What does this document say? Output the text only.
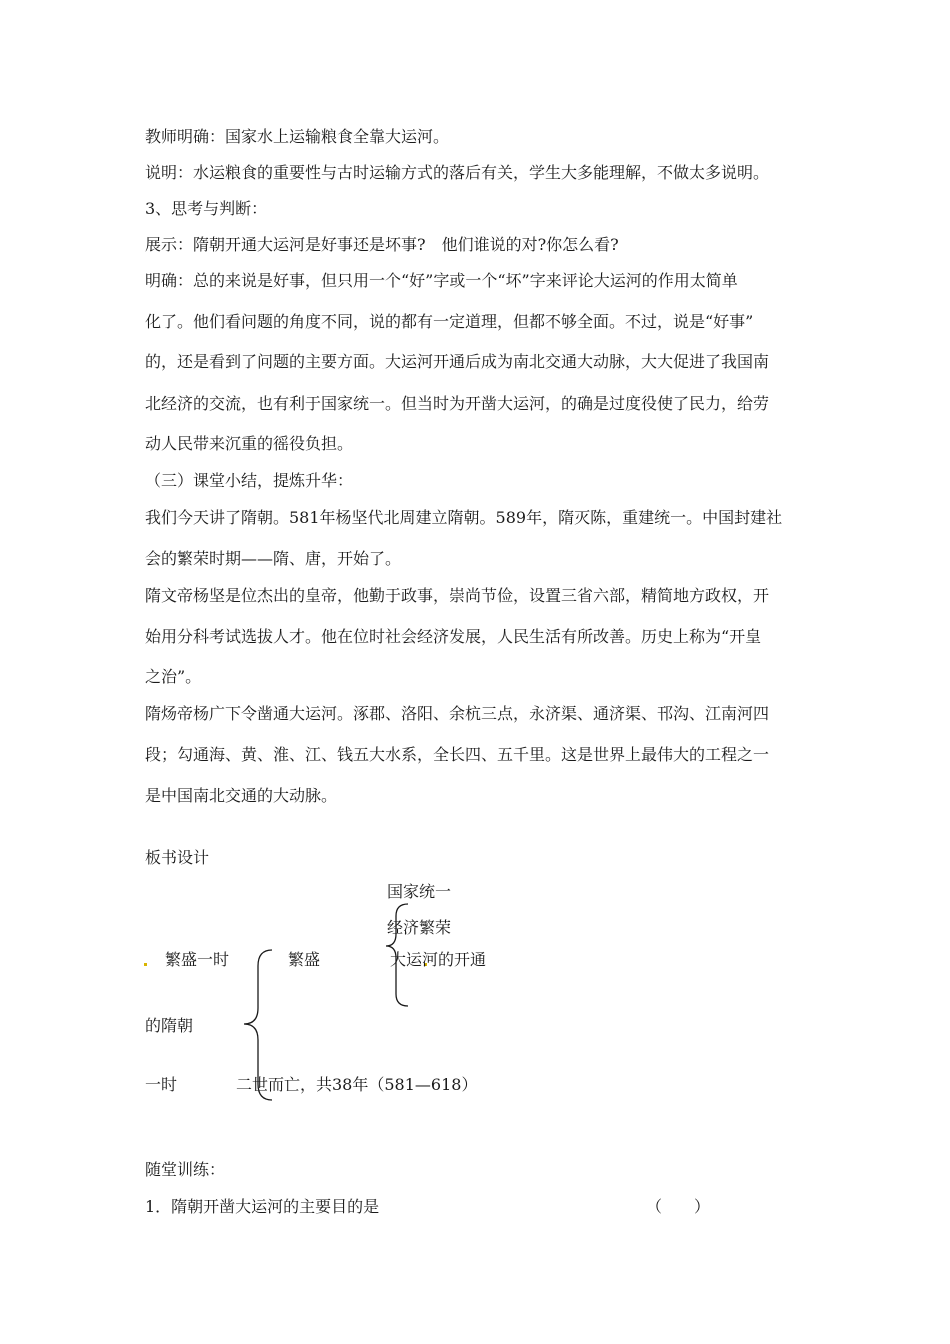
教师明确：国家水上运输粮食全靠大运河。
说明：水运粮食的重要性与古时运输方式的落后有关，学生大多能理解，不做太多说明。
3、思考与判断：
展示：隋朝开通大运河是好事还是坏事?　他们谁说的对?你怎么看?
明确：总的来说是好事，但只用一个“好”字或一个“坏”字来评论大运河的作用太简单
化了。他们看问题的角度不同，说的都有一定道理，但都不够全面。不过，说是“好事”
的，还是看到了问题的主要方面。大运河开通后成为南北交通大动脉，大大促进了我国南
北经济的交流，也有利于国家统一。但当时为开凿大运河，的确是过度役使了民力，给劳
动人民带来沉重的徭役负担。
（三）课堂小结，提炼升华：
我们今天讲了隋朝。581年杨坚代北周建立隋朝。589年，隋灭陈，重建统一。中国封建社
会的繁荣时期——隋、唐，开始了。
隋文帝杨坚是位杰出的皇帝，他勤于政事，崇尚节俭，设置三省六部，精简地方政权，开
始用分科考试选拔人才。他在位时社会经济发展，人民生活有所改善。历史上称为“开皇
之治”。
隋炀帝杨广下令凿通大运河。涿郡、洛阳、余杭三点，永济渠、通济渠、邗沟、江南河四
段；勾通海、黄、淮、江、钱五大水系，全长四、五千里。这是世界上最伟大的工程之一
是中国南北交通的大动脉。
板书设计
繁盛一时
的隋朝
一时
繁盛
二世而亡，共38年（581—618）
国家统一
经济繁荣
大运河的开通
随堂训练：
1．隋朝开凿大运河的主要目的是	（　　）
